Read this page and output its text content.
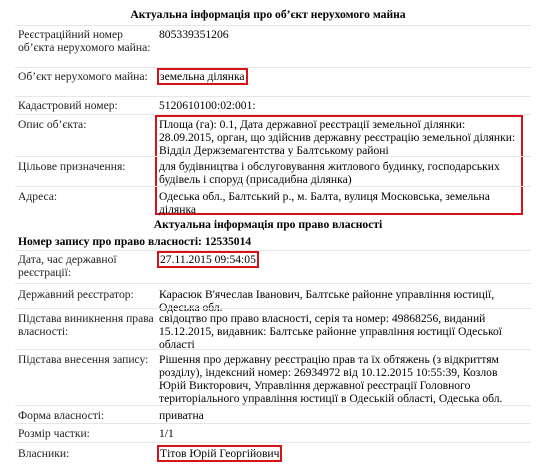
Актуальна інформація про об’єкт нерухомого майна
Реєстраційний номер об’єкта нерухомого майна:
805339351206
Об’єкт нерухомого майна:	земельна ділянка
Кадастровий номер:	5120610100:02:001:
Опис об’єкта:	Площа (га): 0.1, Дата державної реєстрації земельної ділянки: 28.09.2015, орган, що здійснив державну реєстрацію земельної ділянки: Відділ Держземагентства у Балтському районі
Цільове призначення:	для будівництва і обслуговування житлового будинку, господарських будівель і споруд (присадибна ділянка)
Адреса:	Одеська обл., Балтський р., м. Балта, вулиця Московська, земельна ділянка
Актуальна інформація про право власності
Номер запису про право власності: 12535014
Дата, час державної реєстрації:
27.11.2015 09:54:05
Державний реєстратор:	Карасюк В'ячеслав Іванович, Балтське районне управління юстиції, Одеська обл.
Підстава виникнення права власності:
свідоцтво про право власності, серія та номер: 49868256, виданий 15.12.2015, видавник: Балтське районне управління юстиції Одеської області
Підстава внесення запису: Рішення про державну реєстрацію прав та їх обтяжень (з відкриттям розділу), індексний номер: 26934972 від 10.12.2015 10:55:39, Козлов Юрій Викторович, Управління державної реєстрації Головного територіального управління юстиції в Одеській області, Одеська обл.
Форма власності:	приватна
Розмір частки:	1/1
Власники:	Тітов Юрій Георгійович
